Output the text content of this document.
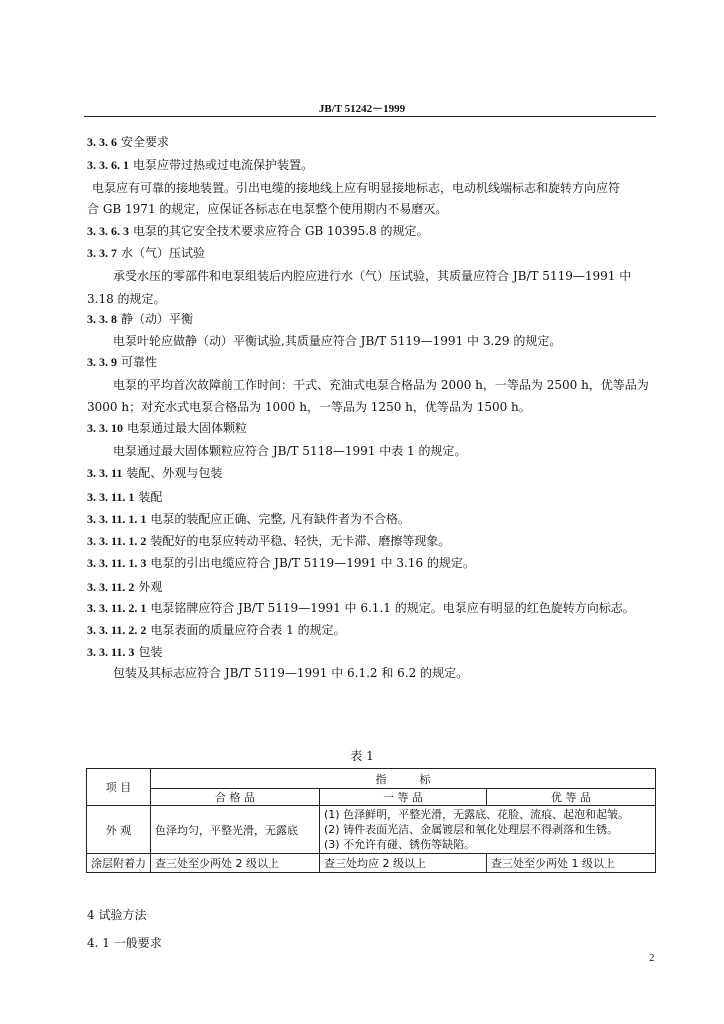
JB/T 51242－1999
3. 3. 6 安全要求
3. 3. 6. 1 电泵应带过热或过电流保护装置。
电泵应有可靠的接地装置。引出电缆的接地线上应有明显接地标志，电动机线端标志和旋转方向应符
合 GB 1971 的规定，应保证各标志在电泵整个使用期内不易磨灭。
3. 3. 6. 3 电泵的其它安全技术要求应符合 GB 10395.8 的规定。
3. 3. 7 水（气）压试验
承受水压的零部件和电泵组装后内腔应进行水（气）压试验，其质量应符合 JB/T 5119—1991 中
3.18 的规定。
3. 3. 8 静（动）平衡
电泵叶轮应做静（动）平衡试验,其质量应符合 JB/T 5119—1991 中 3.29 的规定。
3. 3. 9 可靠性
电泵的平均首次故障前工作时间：干式、充油式电泵合格品为 2000 h，一等品为 2500 h，优等品为
3000 h；对充水式电泵合格品为 1000 h，一等品为 1250 h，优等品为 1500 h。
3. 3. 10 电泵通过最大固体颗粒
电泵通过最大固体颗粒应符合 JB/T 5118—1991 中表 1 的规定。
3. 3. 11 装配、外观与包装
3. 3. 11. 1 装配
3. 3. 11. 1. 1 电泵的装配应正确、完整, 凡有缺件者为不合格。
3. 3. 11. 1. 2 装配好的电泵应转动平稳、轻快，无卡滞、磨擦等现象。
3. 3. 11. 1. 3 电泵的引出电缆应符合 JB/T 5119—1991 中 3.16 的规定。
3. 3. 11. 2 外观
3. 3. 11. 2. 1 电泵铭牌应符合 JB/T 5119—1991 中 6.1.1 的规定。电泵应有明显的红色旋转方向标志。
3. 3. 11. 2. 2 电泵表面的质量应符合表 1 的规定。
3. 3. 11. 3 包装
包装及其标志应符合 JB/T 5119—1991 中 6.1.2 和 6.2 的规定。
表 1
项 目	指　　　标		
	合 格 品	一 等 品	优 等 品
外 观	色泽均匀，平整光滑，无露底	(1) 色泽鲜明，平整光滑，无露底、花脸、流痕、起泡和起皱。
(2) 铸件表面光洁、金属镀层和氧化处理层不得剥落和生锈。
(3) 不允许有碰、锈伤等缺陷。	

涂层附着力	查三处至少两处 2 级以上	查三处均应 2 级以上	查三处至少两处 1 级以上
4 试验方法
4. 1 一般要求
2
